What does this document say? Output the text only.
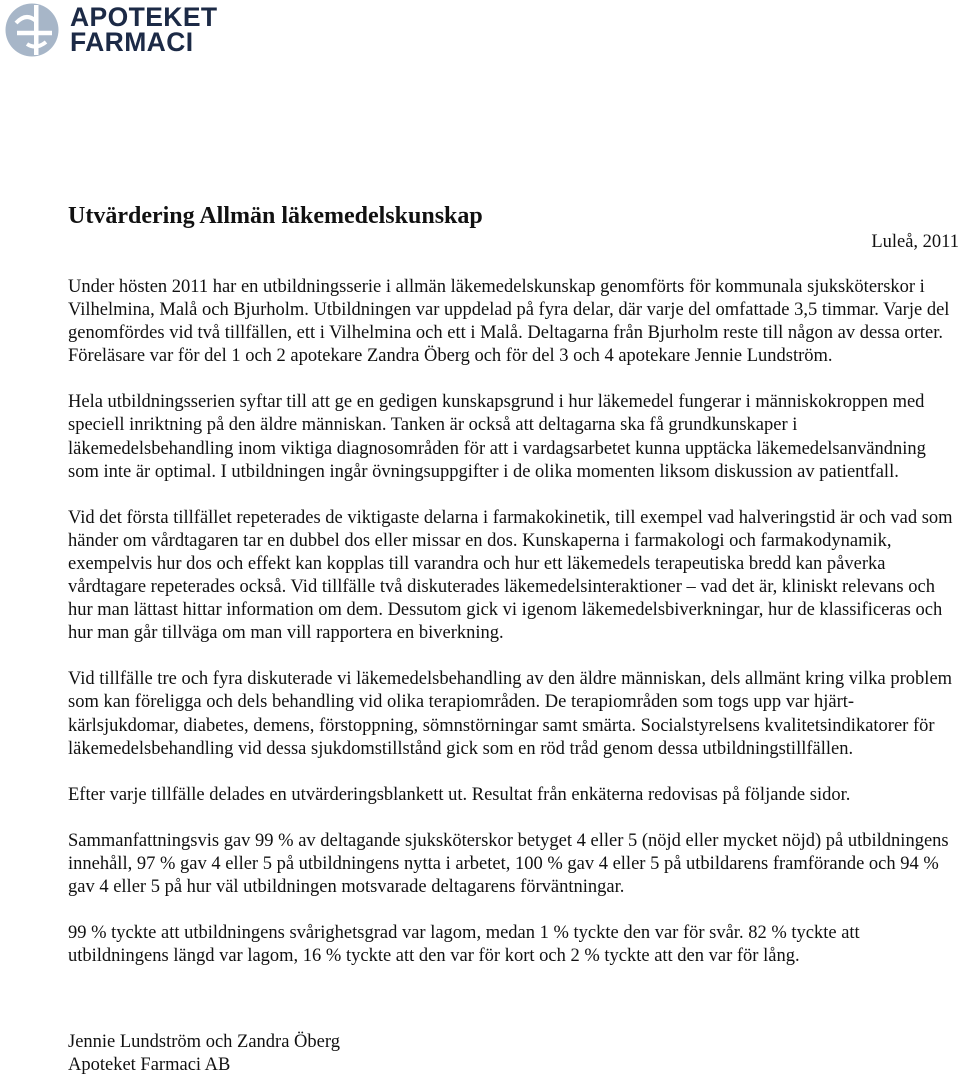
APOTEKET
FARMACI
Utvärdering Allmän läkemedelskunskap
Luleå, 2011

Under hösten 2011 har en utbildningsserie i allmän läkemedelskunskap genomförts för kommunala sjuksköterskor i Vilhelmina, Malå och Bjurholm. Utbildningen var uppdelad på fyra delar, där varje del omfattade 3,5 timmar. Varje del genomfördes vid två tillfällen, ett i Vilhelmina och ett i Malå. Deltagarna från Bjurholm reste till någon av dessa orter. Föreläsare var för del 1 och 2 apotekare Zandra Öberg och för del 3 och 4 apotekare Jennie Lundström.

Hela utbildningsserien syftar till att ge en gedigen kunskapsgrund i hur läkemedel fungerar i människokroppen med speciell inriktning på den äldre människan. Tanken är också att deltagarna ska få grundkunskaper i läkemedelsbehandling inom viktiga diagnosområden för att i vardagsarbetet kunna upptäcka läkemedelsanvändning som inte är optimal. I utbildningen ingår övningsuppgifter i de olika momenten liksom diskussion av patientfall.

Vid det första tillfället repeterades de viktigaste delarna i farmakokinetik, till exempel vad halveringstid är och vad som händer om vårdtagaren tar en dubbel dos eller missar en dos. Kunskaperna i farmakologi och farmakodynamik, exempelvis hur dos och effekt kan kopplas till varandra och hur ett läkemedels terapeutiska bredd kan påverka vårdtagare repeterades också. Vid tillfälle två diskuterades läkemedelsinteraktioner – vad det är, kliniskt relevans och hur man lättast hittar information om dem. Dessutom gick vi igenom läkemedelsbiverkningar, hur de klassificeras och hur man går tillväga om man vill rapportera en biverkning.

Vid tillfälle tre och fyra diskuterade vi läkemedelsbehandling av den äldre människan, dels allmänt kring vilka problem som kan föreligga och dels behandling vid olika terapiområden. De terapiområden som togs upp var hjärt-kärlsjukdomar, diabetes, demens, förstoppning, sömnstörningar samt smärta. Socialstyrelsens kvalitetsindikatorer för läkemedelsbehandling vid dessa sjukdomstillstånd gick som en röd tråd genom dessa utbildningstillfällen.

Efter varje tillfälle delades en utvärderingsblankett ut. Resultat från enkäterna redovisas på följande sidor.

Sammanfattningsvis gav 99 % av deltagande sjuksköterskor betyget 4 eller 5 (nöjd eller mycket nöjd) på utbildningens innehåll, 97 % gav 4 eller 5 på utbildningens nytta i arbetet, 100 % gav 4 eller 5 på utbildarens framförande och 94 % gav 4 eller 5 på hur väl utbildningen motsvarade deltagarens förväntningar.

99 % tyckte att utbildningens svårighetsgrad var lagom, medan 1 % tyckte den var för svår. 82 % tyckte att utbildningens längd var lagom, 16 % tyckte att den var för kort och 2 % tyckte att den var för lång.

Jennie Lundström och Zandra Öberg
Apoteket Farmaci AB
